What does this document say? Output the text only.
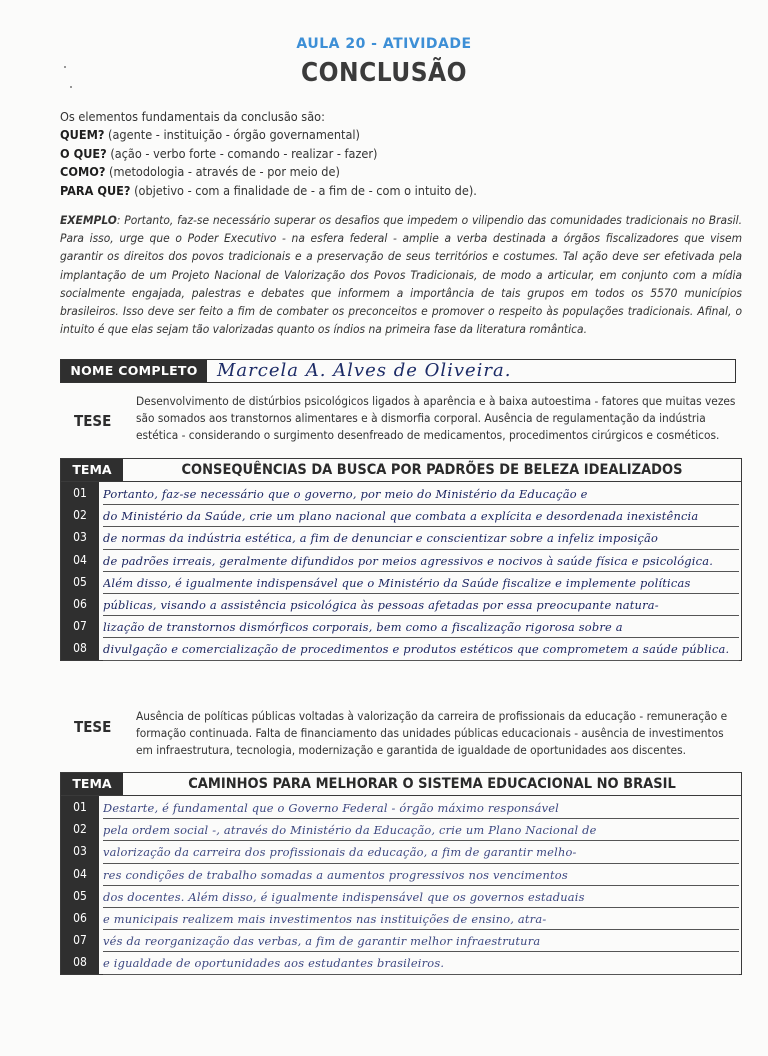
AULA 20 - ATIVIDADE
CONCLUSÃO
Os elementos fundamentais da conclusão são:
QUEM? (agente - instituição - órgão governamental)
O QUE? (ação - verbo forte - comando - realizar - fazer)
COMO? (metodologia - através de - por meio de)
PARA QUE? (objetivo - com a finalidade de - a fim de - com o intuito de).
EXEMPLO: Portanto, faz-se necessário superar os desafios que impedem o vilipendio das comunidades tradicionais no Brasil. Para isso, urge que o Poder Executivo - na esfera federal - amplie a verba destinada a órgãos fiscalizadores que visem garantir os direitos dos povos tradicionais e a preservação de seus territórios e costumes. Tal ação deve ser efetivada pela implantação de um Projeto Nacional de Valorização dos Povos Tradicionais, de modo a articular, em conjunto com a mídia socialmente engajada, palestras e debates que informem a importância de tais grupos em todos os 5570 municípios brasileiros. Isso deve ser feito a fim de combater os preconceitos e promover o respeito às populações tradicionais. Afinal, o intuito é que elas sejam tão valorizadas quanto os índios na primeira fase da literatura romântica.
NOME COMPLETO	Marcela A. Alves de Oliveira.
TESE
Desenvolvimento de distúrbios psicológicos ligados à aparência e à baixa autoestima - fatores que muitas vezes são somados aos transtornos alimentares e à dismorfia corporal. Ausência de regulamentação da indústria estética - considerando o surgimento desenfreado de medicamentos, procedimentos cirúrgicos e cosméticos.
TEMA	CONSEQUÊNCIAS DA BUSCA POR PADRÕES DE BELEZA IDEALIZADOS
01	Portanto, faz-se necessário que o governo, por meio do Ministério da Educação e
02	do Ministério da Saúde, crie um plano nacional que combata a explícita e desordenada inexistência
03	de normas da indústria estética, a fim de denunciar e conscientizar sobre a infeliz imposição
04	de padrões irreais, geralmente difundidos por meios agressivos e nocivos à saúde física e psicológica.
05	Além disso, é igualmente indispensável que o Ministério da Saúde fiscalize e implemente políticas
06	públicas, visando a assistência psicológica às pessoas afetadas por essa preocupante natura-
07	lização de transtornos dismórficos corporais, bem como a fiscalização rigorosa sobre a
08	divulgação e comercialização de procedimentos e produtos estéticos que comprometem a saúde pública.
TESE
Ausência de políticas públicas voltadas à valorização da carreira de profissionais da educação - remuneração e formação continuada. Falta de financiamento das unidades públicas educacionais - ausência de investimentos em infraestrutura, tecnologia, modernização e garantida de igualdade de oportunidades aos discentes.
TEMA	CAMINHOS PARA MELHORAR O SISTEMA EDUCACIONAL NO BRASIL
01	Destarte, é fundamental que o Governo Federal - órgão máximo responsável
02	pela ordem social -, através do Ministério da Educação, crie um Plano Nacional de
03	valorização da carreira dos profissionais da educação, a fim de garantir melho-
04	res condições de trabalho somadas a aumentos progressivos nos vencimentos
05	dos docentes. Além disso, é igualmente indispensável que os governos estaduais
06	e municipais realizem mais investimentos nas instituições de ensino, atra-
07	vés da reorganização das verbas, a fim de garantir melhor infraestrutura
08	e igualdade de oportunidades aos estudantes brasileiros.
